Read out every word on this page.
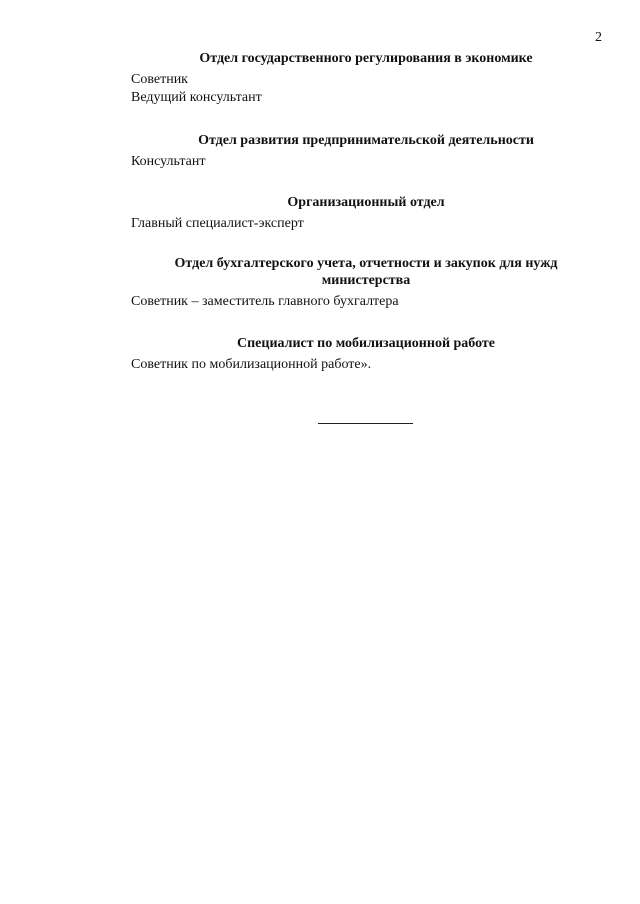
2
Отдел государственного регулирования в экономике
Советник
Ведущий консультант
Отдел развития предпринимательской деятельности
Консультант
Организационный отдел
Главный специалист-эксперт
Отдел бухгалтерского учета, отчетности и закупок для нужд
министерства
Советник – заместитель главного бухгалтера
Специалист по мобилизационной работе
Советник по мобилизационной работе».
